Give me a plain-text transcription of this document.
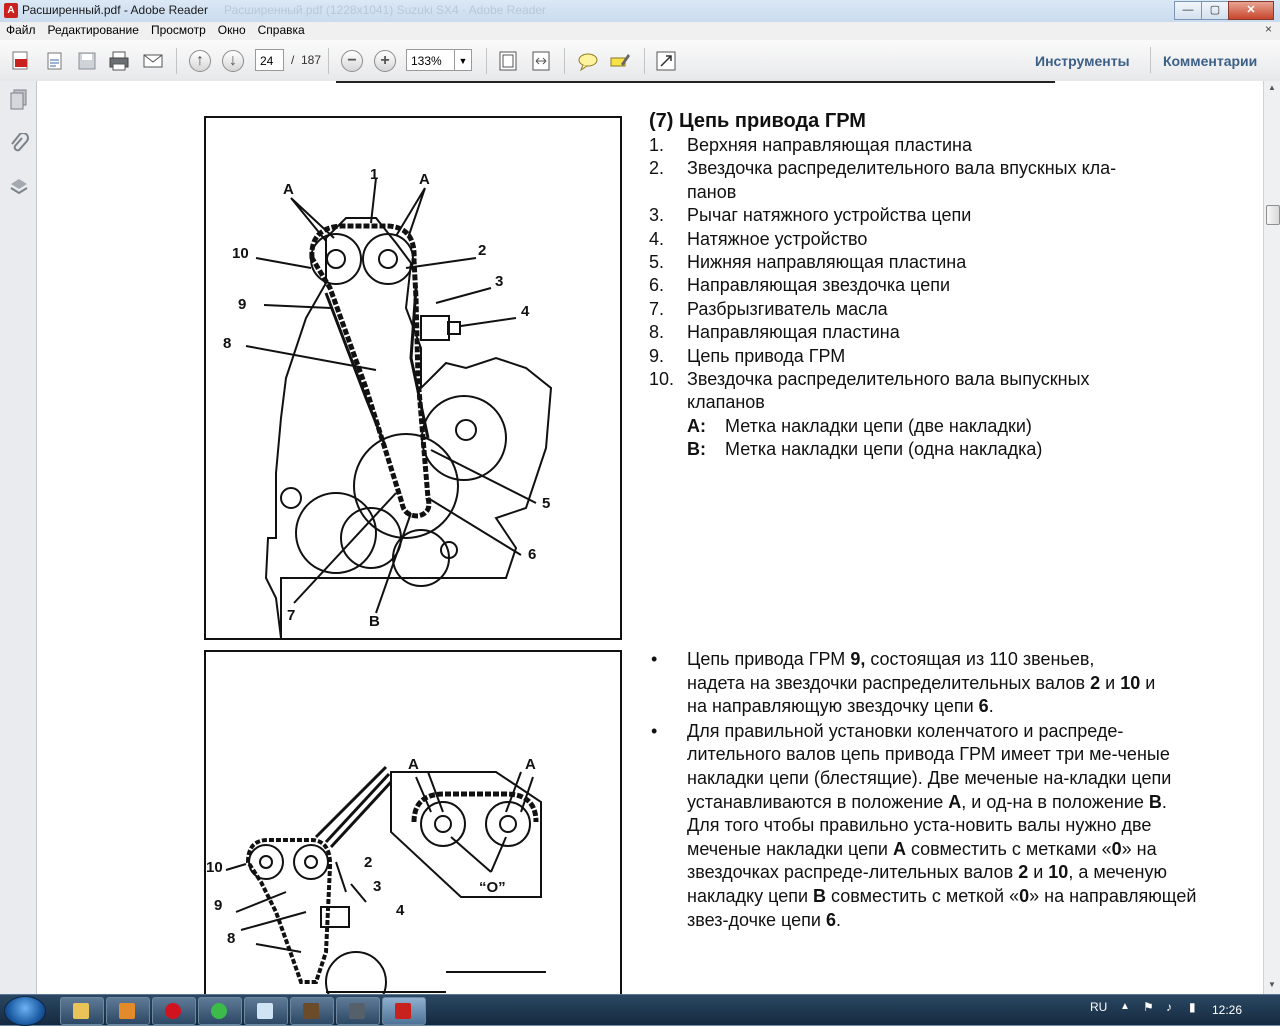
A Расширенный.pdf - Adobe Reader Расширенный.pdf (1228x1041) Suzuki SX4 · Adobe Reader	—	▢	✕
Файл	Редактирование	Просмотр	Окно	Справка	×
↑	↓	−	+
24	/ 187	133%	▼	Инструменты Комментарии
1
A
A
10	2
3
4
9
8
5
6
7	B
A	A
10	2
3
4
9
8
“O”
(7) Цепь привода ГРМ
1. Верхняя направляющая пластина
2. Звездочка распределительного вала впускных кла-
панов
3. Рычаг натяжного устройства цепи
4. Натяжное устройство
5. Нижняя направляющая пластина
6. Направляющая звездочка цепи
7. Разбрызгиватель масла
8. Направляющая пластина
9. Цепь привода ГРМ
10. Звездочка распределительного вала выпускных
клапанов
A: Метка накладки цепи (две накладки)
B: Метка накладки цепи (одна накладка)
• Цепь привода ГРМ 9, состоящая из 110 звеньев, надета на звездочки распределительных валов 2 и 10 и на направляющую звездочку цепи 6.
• Для правильной установки коленчатого и распреде-лительного валов цепь привода ГРМ имеет три ме-ченые накладки цепи (блестящие). Две меченые на-кладки цепи устанавливаются в положение A, и од-на в положение B. Для того чтобы правильно уста-новить валы нужно две меченые накладки цепи A совместить с метками «0» на звездочках распреде-лительных валов 2 и 10, а меченую накладку цепи B совместить с меткой «0» на направляющей звез-дочке цепи 6.
▲
▼
RU ▲ ⚑ ♪ ▮ 12:26
